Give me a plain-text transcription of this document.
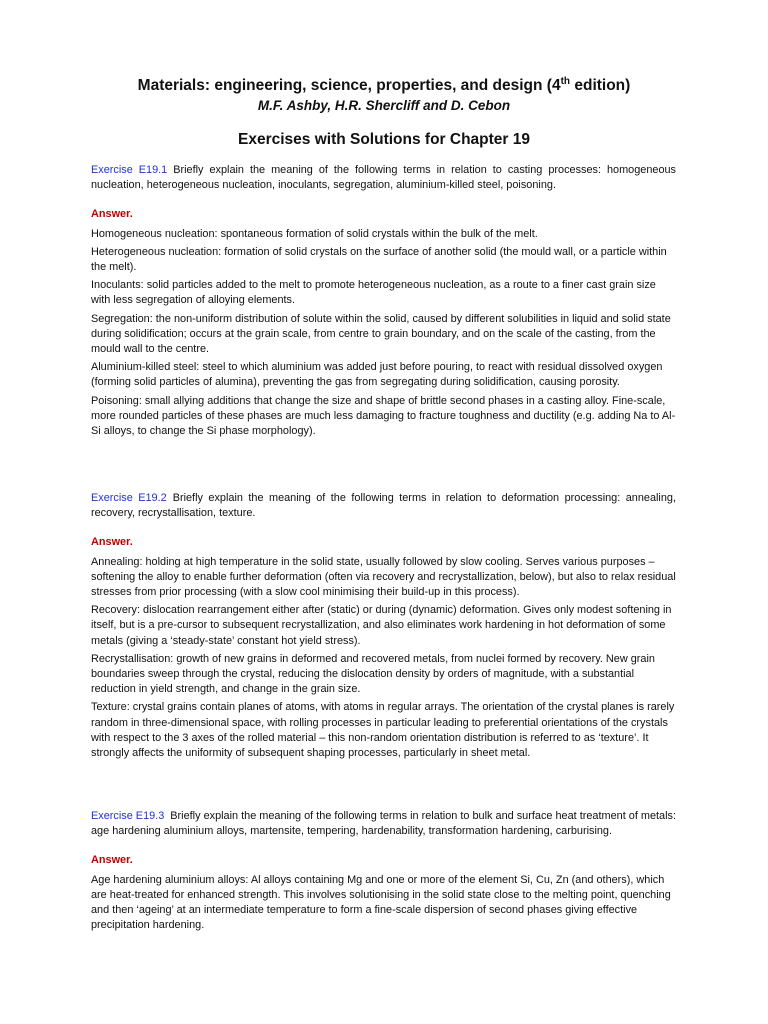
Materials: engineering, science, properties, and design (4th edition)
M.F. Ashby, H.R. Shercliff and D. Cebon
Exercises with Solutions for Chapter 19

Exercise E19.1 Briefly explain the meaning of the following terms in relation to casting processes: homogeneous nucleation, heterogeneous nucleation, inoculants, segregation, aluminium-killed steel, poisoning.

Answer.
Homogeneous nucleation: spontaneous formation of solid crystals within the bulk of the melt.
Heterogeneous nucleation: formation of solid crystals on the surface of another solid (the mould wall, or a particle within the melt).
Inoculants: solid particles added to the melt to promote heterogeneous nucleation, as a route to a finer cast grain size with less segregation of alloying elements.
Segregation: the non-uniform distribution of solute within the solid, caused by different solubilities in liquid and solid state during solidification; occurs at the grain scale, from centre to grain boundary, and on the scale of the casting, from the mould wall to the centre.
Aluminium-killed steel: steel to which aluminium was added just before pouring, to react with residual dissolved oxygen (forming solid particles of alumina), preventing the gas from segregating during solidification, causing porosity.
Poisoning: small allying additions that change the size and shape of brittle second phases in a casting alloy. Fine-scale, more rounded particles of these phases are much less damaging to fracture toughness and ductility (e.g. adding Na to Al-Si alloys, to change the Si phase morphology).

Exercise E19.2 Briefly explain the meaning of the following terms in relation to deformation processing: annealing, recovery, recrystallisation, texture.

Answer.
Annealing: holding at high temperature in the solid state, usually followed by slow cooling. Serves various purposes – softening the alloy to enable further deformation (often via recovery and recrystallization, below), but also to relax residual stresses from prior processing (with a slow cool minimising their build-up in this process).
Recovery: dislocation rearrangement either after (static) or during (dynamic) deformation. Gives only modest softening in itself, but is a pre-cursor to subsequent recrystallization, and also eliminates work hardening in hot deformation of some metals (giving a ‘steady-state’ constant hot yield stress).
Recrystallisation: growth of new grains in deformed and recovered metals, from nuclei formed by recovery. New grain boundaries sweep through the crystal, reducing the dislocation density by orders of magnitude, with a substantial reduction in yield strength, and change in the grain size.
Texture: crystal grains contain planes of atoms, with atoms in regular arrays. The orientation of the crystal planes is rarely random in three-dimensional space, with rolling processes in particular leading to preferential orientations of the crystals with respect to the 3 axes of the rolled material – this non-random orientation distribution is referred to as ‘texture’. It strongly affects the uniformity of subsequent shaping processes, particularly in sheet metal.

Exercise E19.3 Briefly explain the meaning of the following terms in relation to bulk and surface heat treatment of metals: age hardening aluminium alloys, martensite, tempering, hardenability, transformation hardening, carburising.

Answer.
Age hardening aluminium alloys: Al alloys containing Mg and one or more of the element Si, Cu, Zn (and others), which are heat-treated for enhanced strength. This involves solutionising in the solid state close to the melting point, quenching and then ‘ageing’ at an intermediate temperature to form a fine-scale dispersion of second phases giving effective precipitation hardening.
